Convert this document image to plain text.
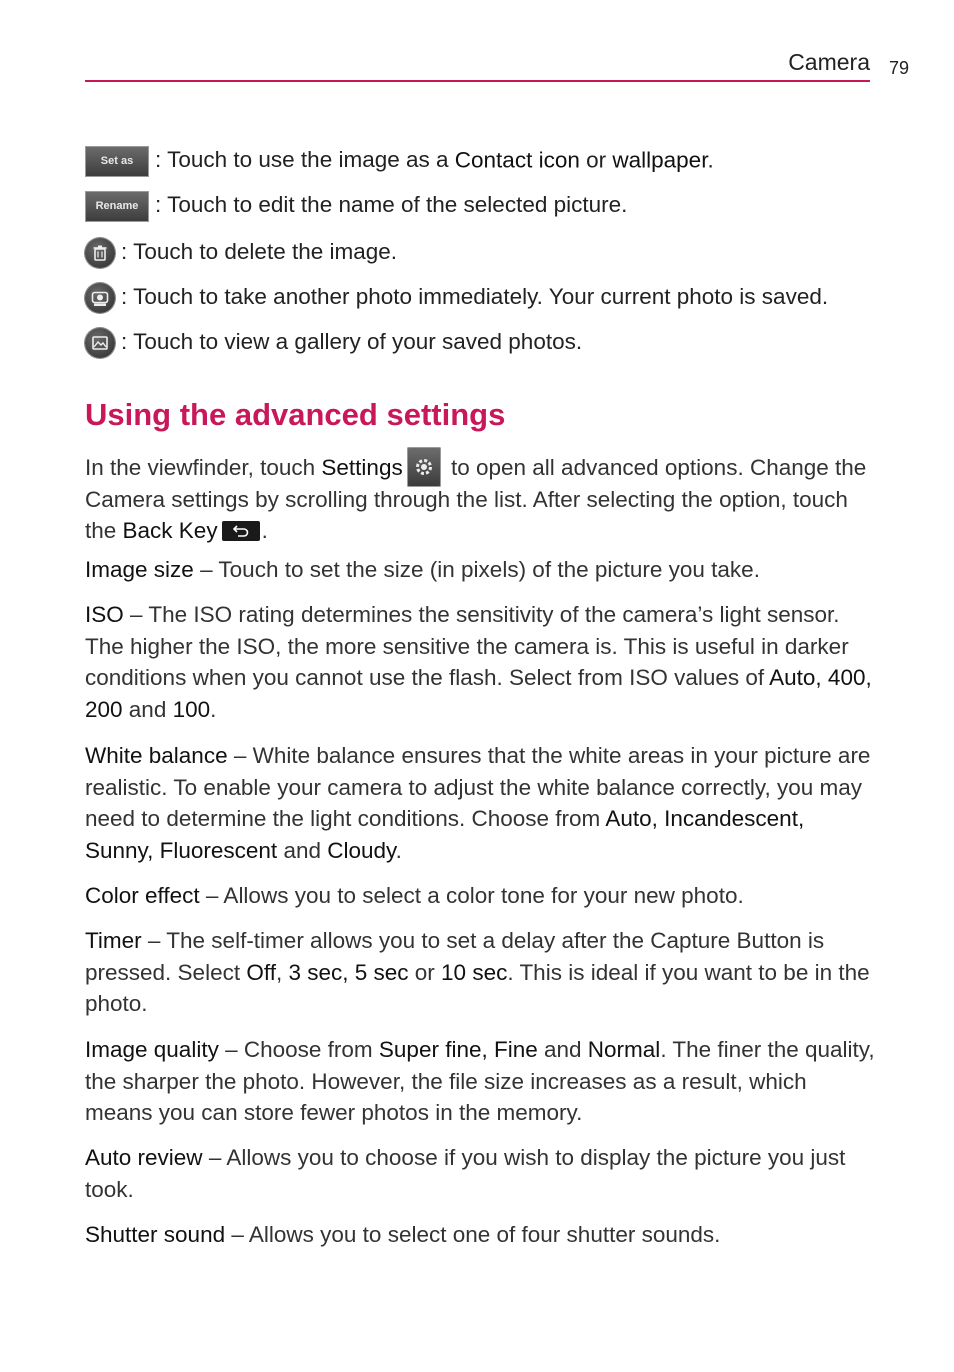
Camera 79
Set as : Touch to use the image as a Contact icon or wallpaper.
Rename : Touch to edit the name of the selected picture.
: Touch to delete the image.
: Touch to take another photo immediately. Your current photo is saved.
: Touch to view a gallery of your saved photos.
Using the advanced settings

In the viewfinder, touch Settings
to open all advanced options. Change the Camera settings by scrolling through the list. After selecting the option, touch the Back Key .

Image size – Touch to set the size (in pixels) of the picture you take.

ISO – The ISO rating determines the sensitivity of the camera’s light sensor. The higher the ISO, the more sensitive the camera is. This is useful in darker conditions when you cannot use the flash. Select from ISO values of Auto, 400, 200 and 100.

White balance – White balance ensures that the white areas in your picture are realistic. To enable your camera to adjust the white balance correctly, you may need to determine the light conditions. Choose from Auto, Incandescent, Sunny, Fluorescent and Cloudy.

Color effect – Allows you to select a color tone for your new photo.

Timer – The self-timer allows you to set a delay after the Capture Button is pressed. Select Off, 3 sec, 5 sec or 10 sec. This is ideal if you want to be in the photo.

Image quality – Choose from Super fine, Fine and Normal. The finer the quality, the sharper the photo. However, the file size increases as a result, which means you can store fewer photos in the memory.

Auto review – Allows you to choose if you wish to display the picture you just took.

Shutter sound – Allows you to select one of four shutter sounds.
